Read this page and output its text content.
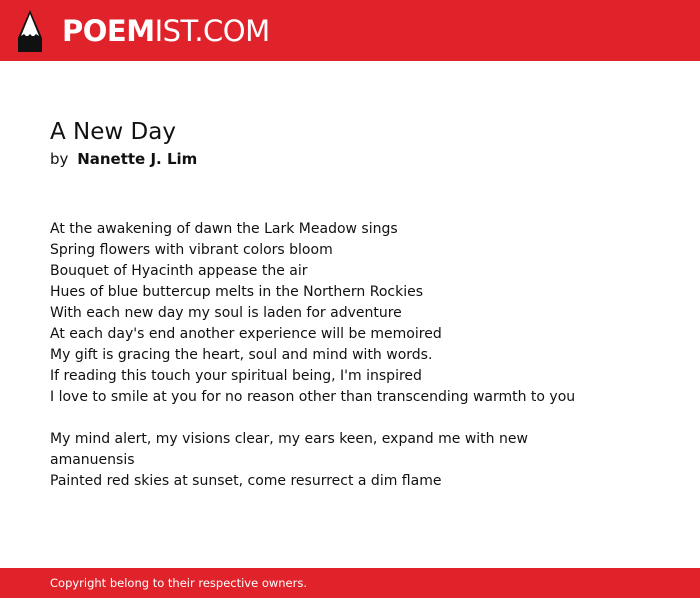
POEMIST.COM
A New Day
by Nanette J. Lim
At the awakening of dawn the Lark Meadow sings
Spring flowers with vibrant colors bloom
Bouquet of Hyacinth appease the air
Hues of blue buttercup melts in the Northern Rockies
With each new day my soul is laden for adventure
At each day's end another experience will be memoired
My gift is gracing the heart, soul and mind with words.
If reading this touch your spiritual being, I'm inspired
I love to smile at you for no reason other than transcending warmth to you
My mind alert, my visions clear, my ears keen, expand me with new amanuensis
Painted red skies at sunset, come resurrect a dim flame
Copyright belong to their respective owners.
